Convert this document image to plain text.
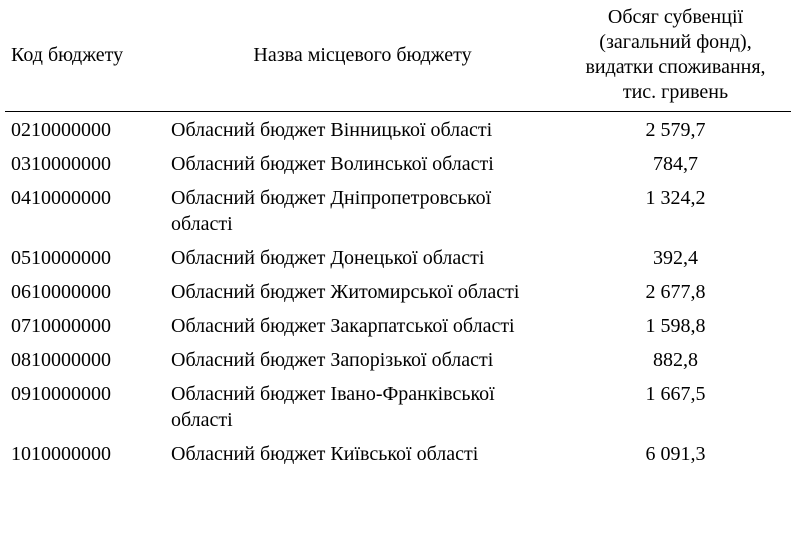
Код бюджету	Назва місцевого бюджету	Обсяг субвенції
(загальний фонд),
видатки споживання,
тис. гривень

0210000000	Обласний бюджет Вінницької області	2 579,7
0310000000	Обласний бюджет Волинської області	784,7
0410000000	Обласний бюджет Дніпропетровської області	1 324,2
0510000000	Обласний бюджет Донецької області	392,4
0610000000	Обласний бюджет Житомирської області	2 677,8
0710000000	Обласний бюджет Закарпатської області	1 598,8
0810000000	Обласний бюджет Запорізької області	882,8
0910000000	Обласний бюджет Івано-Франківської області	1 667,5
1010000000	Обласний бюджет Київської області	6 091,3
